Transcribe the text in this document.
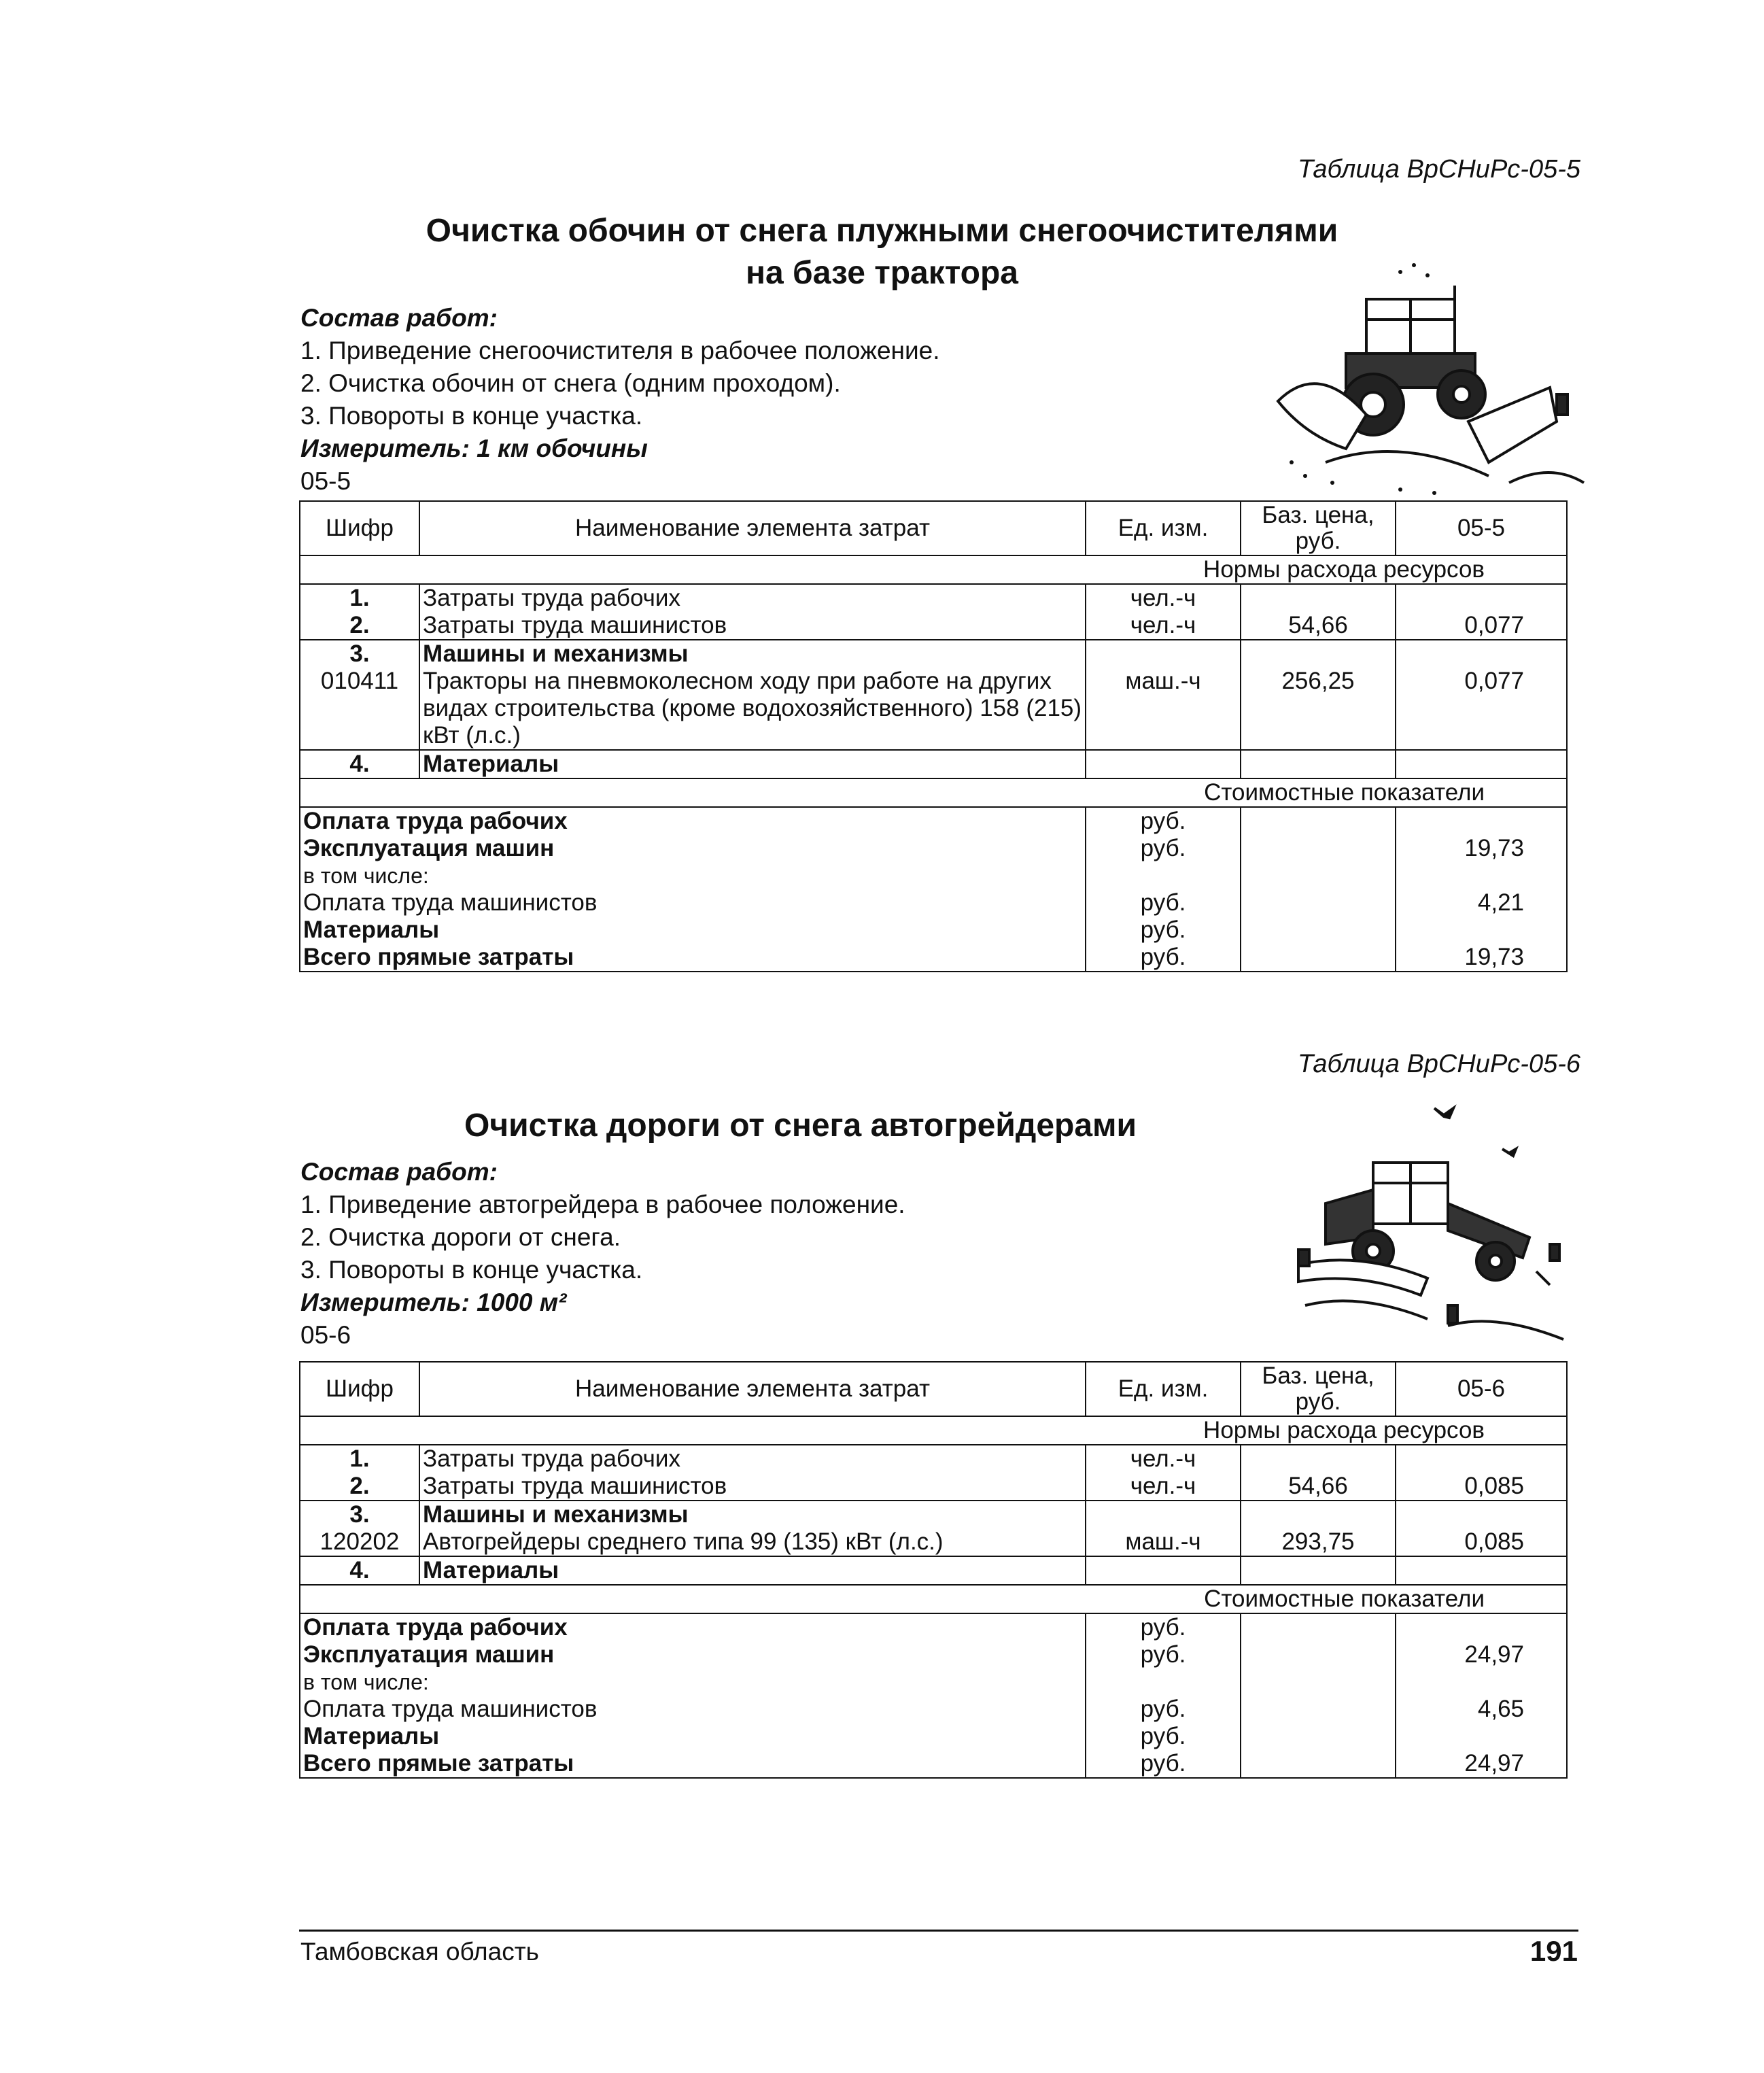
Таблица ВрСНиРс-05-5
Очистка обочин от снега плужными снегоочистителями
на базе трактора
Состав работ:
1. Приведение снегоочистителя в рабочее положение.
2. Очистка обочин от снега (одним проходом).
3. Повороты в конце участка.
Измеритель: 1 км обочины
05-5
Шифр	Наименование элемента затрат	Ед. изм.	Баз. цена, руб.	05-5
Нормы расхода ресурсов				
1.	Затраты труда рабочих	чел.-ч		
2.	Затраты труда машинистов	чел.-ч	54,66	0,077
3.	Машины и механизмы			
010411	Тракторы на пневмоколесном ходу при работе на других видах строительства (кроме водохозяйственного) 158 (215) кВт (л.с.)	маш.-ч	256,25	0,077
4.	Материалы			
Стоимостные показатели				
Оплата труда рабочих		руб.		
Эксплуатация машин		руб.		19,73
в том числе:				
Оплата труда машинистов		руб.		4,21
Материалы		руб.		
Всего прямые затраты		руб.		19,73
Таблица ВрСНиРс-05-6
Очистка дороги от снега автогрейдерами
Состав работ:
1. Приведение автогрейдера в рабочее положение.
2. Очистка дороги от снега.
3. Повороты в конце участка.
Измеритель: 1000 м²
05-6
Шифр	Наименование элемента затрат	Ед. изм.	Баз. цена, руб.	05-6
Нормы расхода ресурсов				
1.	Затраты труда рабочих	чел.-ч		
2.	Затраты труда машинистов	чел.-ч	54,66	0,085
3.	Машины и механизмы			
120202	Автогрейдеры среднего типа 99 (135) кВт (л.с.)	маш.-ч	293,75	0,085
4.	Материалы			
Стоимостные показатели				
Оплата труда рабочих		руб.		
Эксплуатация машин		руб.		24,97
в том числе:				
Оплата труда машинистов		руб.		4,65
Материалы		руб.		
Всего прямые затраты		руб.		24,97
Тамбовская область	191
